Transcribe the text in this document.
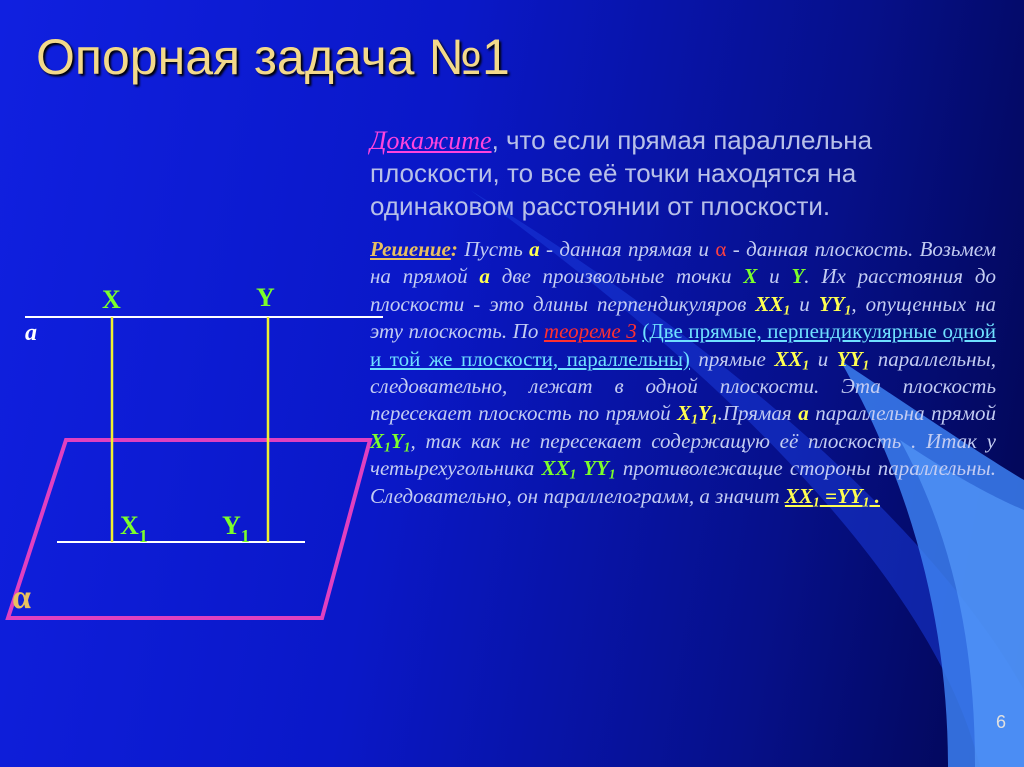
Опорная задача №1
Докажите, что если прямая параллельна плоскости, то все её точки находятся на одинаковом расстоянии от плоскости.
Решение: Пусть а - данная прямая и α - данная плоскость. Возьмем на прямой а две произвольные точки X и Y. Их расстояния до плоскости - это длины перпендикуляров $XX_1$ и $YY_1$, опущенных на эту плоскость. По теореме 3 (Две прямые, перпендикулярные одной и той же плоскости, параллельны) прямые $XX_1$ и $YY_1$ параллельны, следовательно, лежат в одной плоскости. Эта плоскость пересекает плоскость по прямой $X_1Y_1.Прямая$ а параллельна прямой $X_1Y_1$, так как не пересекает содержащую её плоскость . Итак у четырехугольника $XX_1$ $YY_1$ противолежащие стороны параллельны. Следовательно, он параллелограмм, а значит $XX_1 =YY_1$ .
a
X	Y
$X_1$	$Y_1$
α
6
